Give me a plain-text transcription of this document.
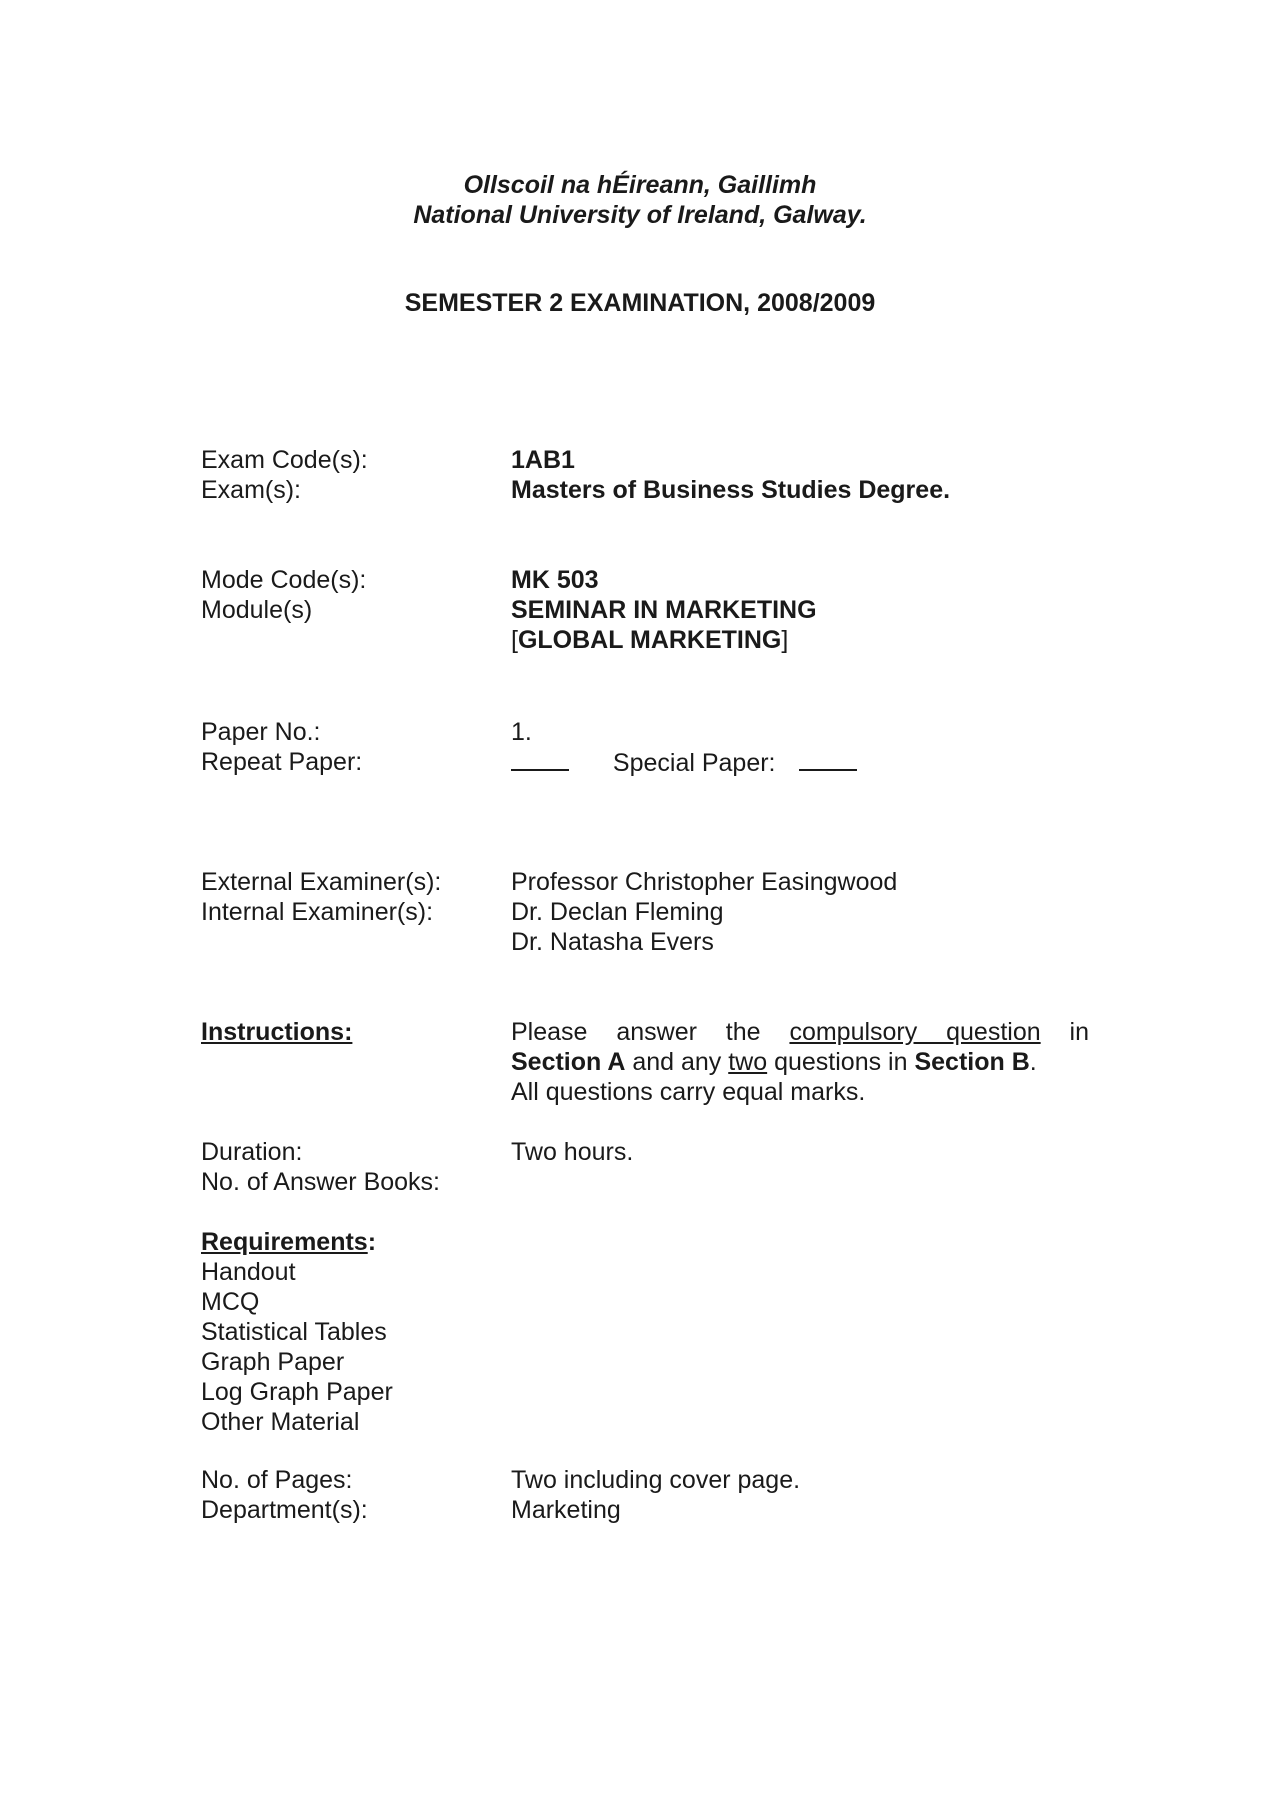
Ollscoil na hÉireann, Gaillimh
National University of Ireland, Galway.
SEMESTER 2 EXAMINATION, 2008/2009
Exam Code(s):	1AB1
Exam(s):	Masters of Business Studies Degree.
Mode Code(s):	MK 503
Module(s)	SEMINAR IN MARKETING
[GLOBAL MARKETING]
Paper No.:	1.
Repeat Paper:	Special Paper:
External Examiner(s):	Professor Christopher Easingwood
Internal Examiner(s):	Dr. Declan Fleming
Dr. Natasha Evers
Instructions:	Please answer the compulsory question in
Section A and any two questions in Section B.
All questions carry equal marks.
Duration:	Two hours.
No. of Answer Books:
Requirements:
Handout
MCQ
Statistical Tables
Graph Paper
Log Graph Paper
Other Material
No. of Pages:	Two including cover page.
Department(s):	Marketing
